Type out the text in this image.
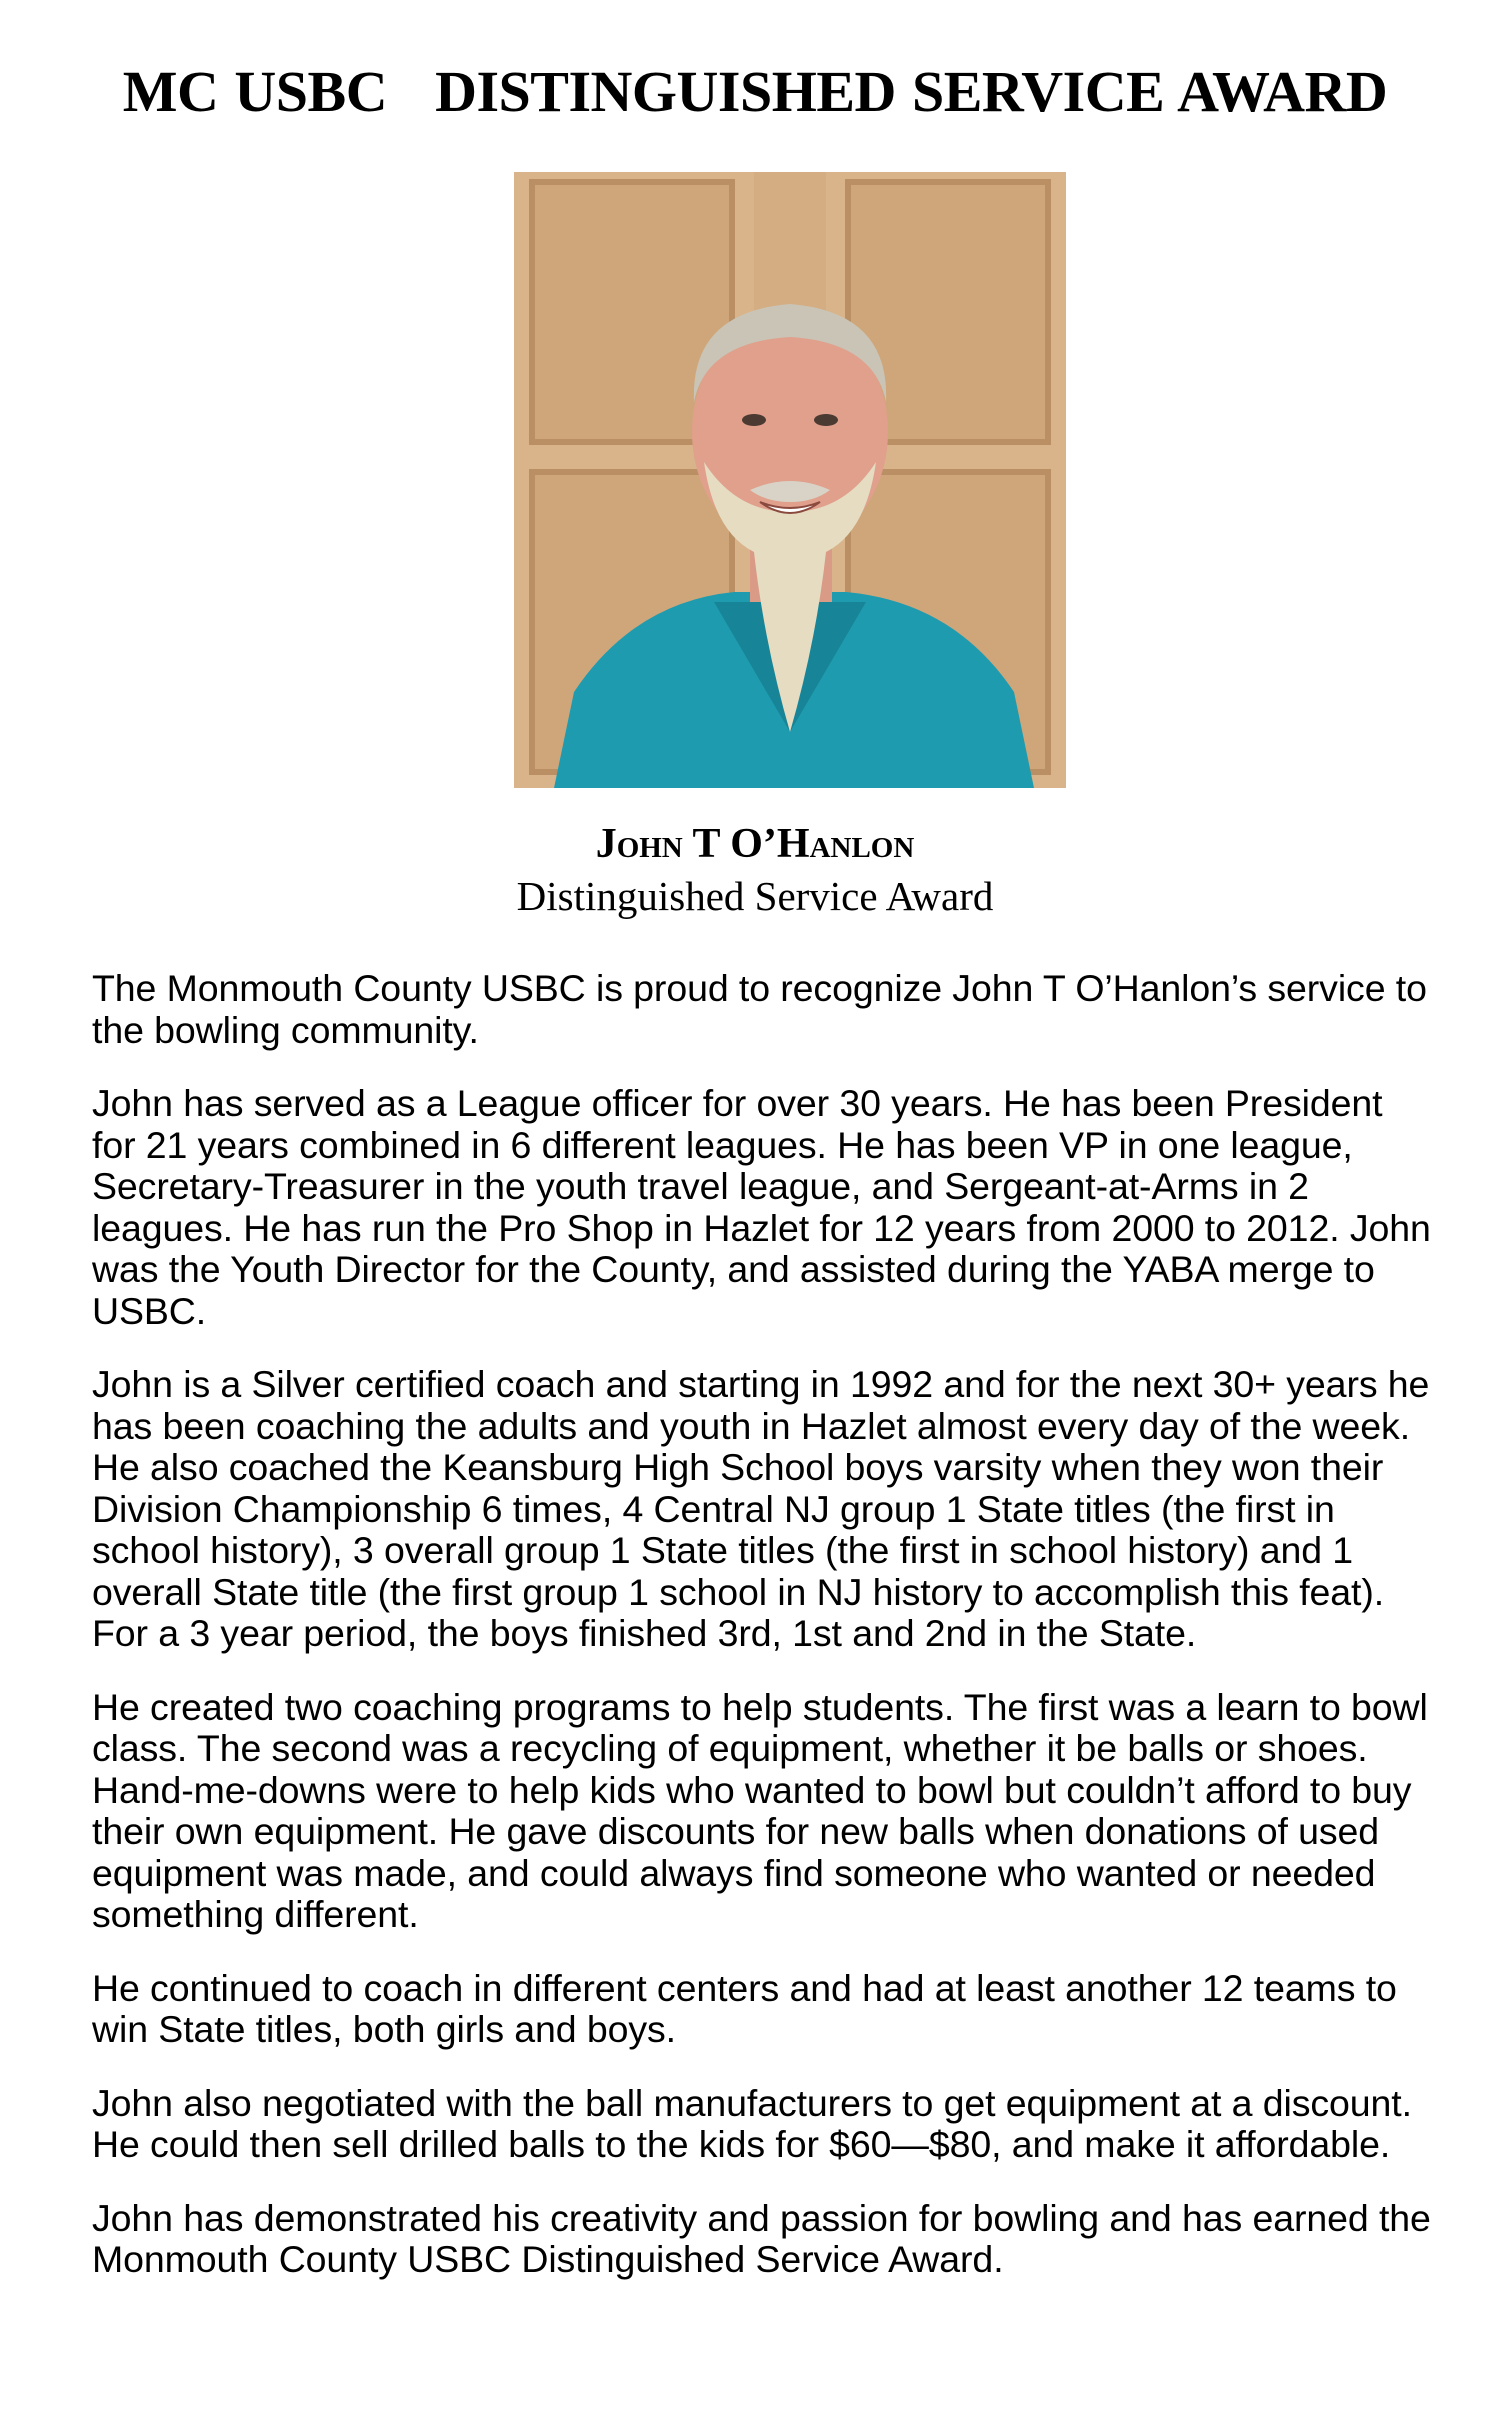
MC USBC   DISTINGUISHED SERVICE AWARD
John T O’Hanlon
Distinguished Service Award

The Monmouth County USBC is proud to recognize John T O’Hanlon’s service to the bowling community.

John has served as a League officer for over 30 years. He has been President for 21 years combined in 6 different leagues. He has been VP in one league, Secretary-Treasurer in the youth travel league, and Sergeant-at-Arms in 2 leagues. He has run the Pro Shop in Hazlet for 12 years from 2000 to 2012. John was the Youth Director for the County, and assisted during the YABA merge to USBC.

John is a Silver certified coach and starting in 1992 and for the next 30+ years he has been coaching the adults and youth in Hazlet almost every day of the week. He also coached the Keansburg High School boys varsity when they won their Division Championship 6 times, 4 Central NJ group 1 State titles (the first in school history), 3 overall group 1 State titles (the first in school history) and 1 overall State title (the first group 1 school in NJ history to accomplish this feat). For a 3 year period, the boys finished 3rd, 1st and 2nd in the State.

He created two coaching programs to help students. The first was a learn to bowl class. The second was a recycling of equipment, whether it be balls or shoes. Hand-me-downs were to help kids who wanted to bowl but couldn’t afford to buy their own equipment. He gave discounts for new balls when donations of used equipment was made, and could always find someone who wanted or needed something different.

He continued to coach in different centers and had at least another 12 teams to win State titles, both girls and boys.

John also negotiated with the ball manufacturers to get equipment at a discount. He could then sell drilled balls to the kids for $60—$80, and make it affordable.

John has demonstrated his creativity and passion for bowling and has earned the Monmouth County USBC Distinguished Service Award.
